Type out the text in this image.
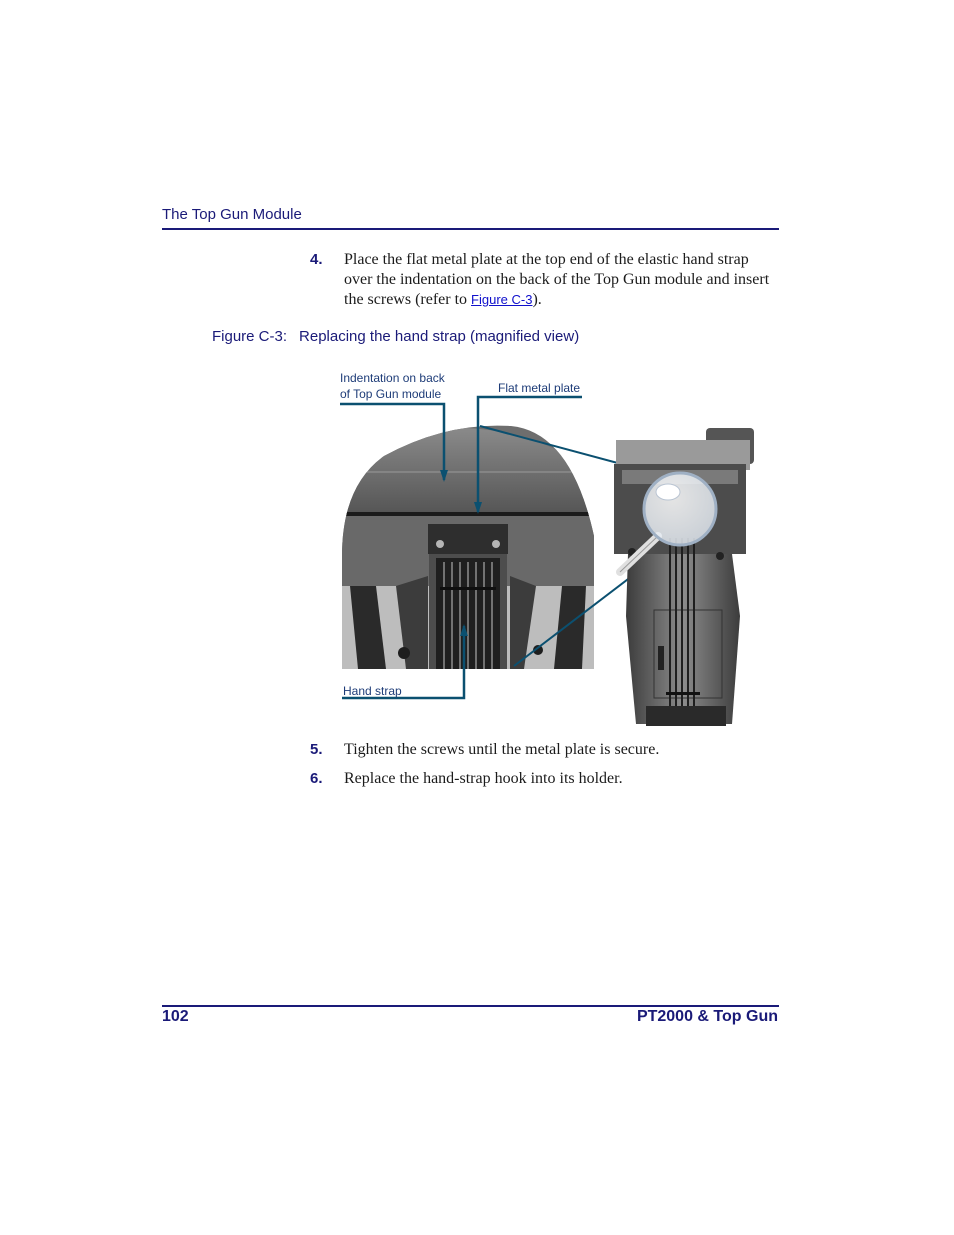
The Top Gun Module
4. Place the flat metal plate at the top end of the elastic hand strap over the indentation on the back of the Top Gun module and insert the screws (refer to Figure C-3).
Figure C-3: Replacing the hand strap (magnified view)
Indentation on back
of Top Gun module	Flat metal plate
Hand strap
5. Tighten the screws until the metal plate is secure.
6. Replace the hand-strap hook into its holder.
102	PT2000 & Top Gun
